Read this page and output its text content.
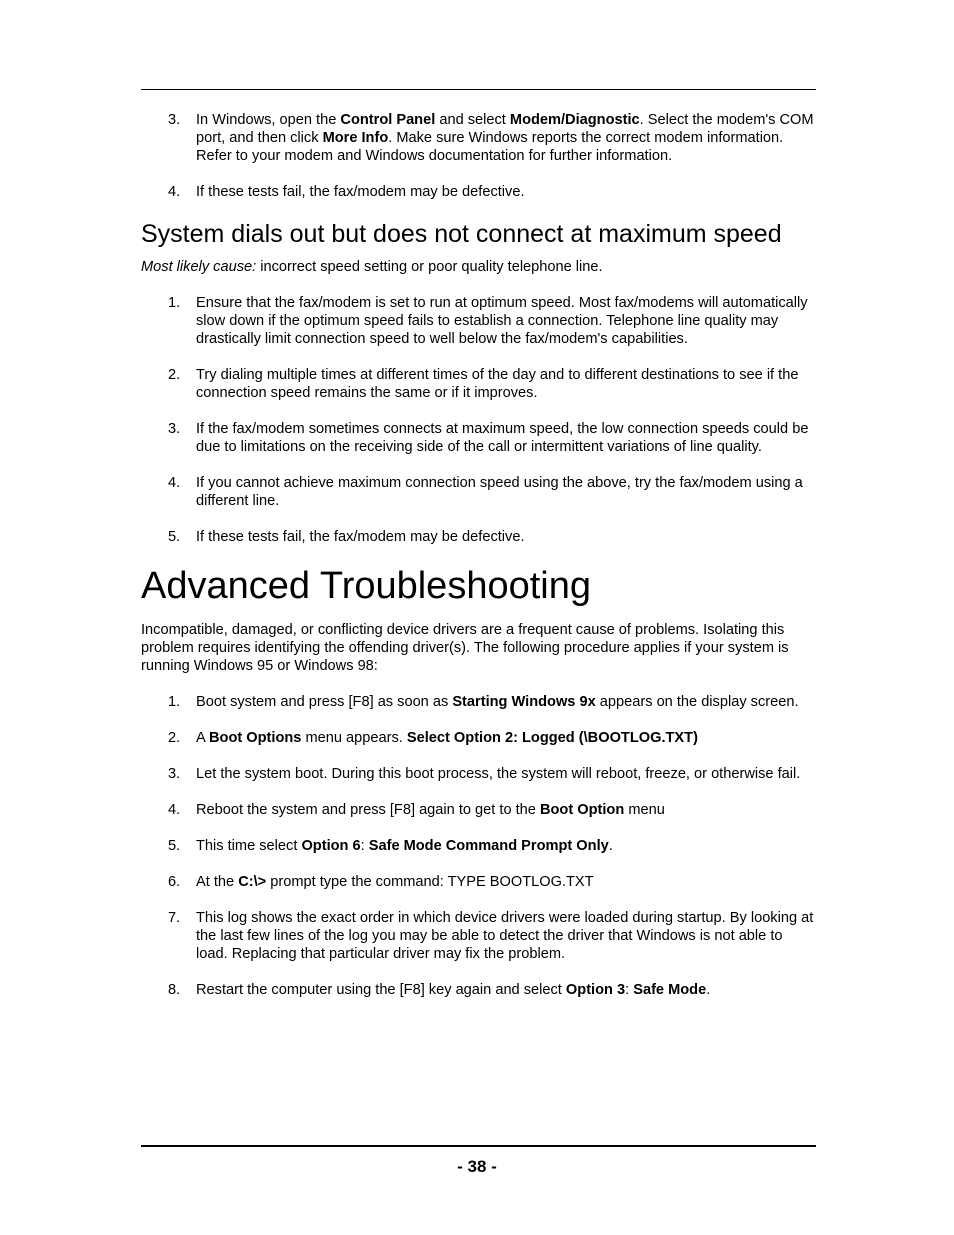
3. In Windows, open the Control Panel and select Modem/Diagnostic. Select the modem's COM port, and then click More Info. Make sure Windows reports the correct modem information. Refer to your modem and Windows documentation for further information.
4. If these tests fail, the fax/modem may be defective.
System dials out but does not connect at maximum speed

Most likely cause: incorrect speed setting or poor quality telephone line.

1. Ensure that the fax/modem is set to run at optimum speed. Most fax/modems will automatically slow down if the optimum speed fails to establish a connection. Telephone line quality may drastically limit connection speed to well below the fax/modem's capabilities.
2. Try dialing multiple times at different times of the day and to different destinations to see if the connection speed remains the same or if it improves.
3. If the fax/modem sometimes connects at maximum speed, the low connection speeds could be due to limitations on the receiving side of the call or intermittent variations of line quality.
4. If you cannot achieve maximum connection speed using the above, try the fax/modem using a different line.
5. If these tests fail, the fax/modem may be defective.
Advanced Troubleshooting

Incompatible, damaged, or conflicting device drivers are a frequent cause of problems. Isolating this problem requires identifying the offending driver(s). The following procedure applies if your system is running Windows 95 or Windows 98:

1. Boot system and press [F8] as soon as Starting Windows 9x appears on the display screen.
2. A Boot Options menu appears. Select Option 2: Logged (\BOOTLOG.TXT)
3. Let the system boot. During this boot process, the system will reboot, freeze, or otherwise fail.
4. Reboot the system and press [F8] again to get to the Boot Option menu
5. This time select Option 6: Safe Mode Command Prompt Only.
6. At the C:\> prompt type the command: TYPE BOOTLOG.TXT
7. This log shows the exact order in which device drivers were loaded during startup. By looking at the last few lines of the log you may be able to detect the driver that Windows is not able to load. Replacing that particular driver may fix the problem.
8. Restart the computer using the [F8] key again and select Option 3: Safe Mode.
- 38 -
